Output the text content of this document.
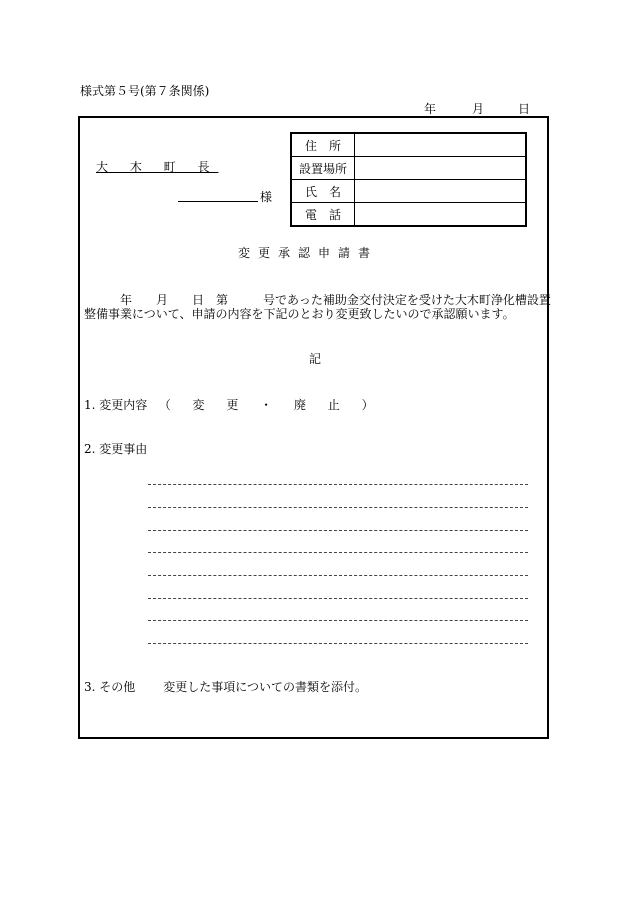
様式第５号(第７条関係)
年	月	日
大 木 町 長
様
住　所	
設置場所	
氏　名	
電　話	
変更承認申請書
年 月 日 第	号であった補助金交付決定を受けた大木町浄化槽設置
整備事業について、申請の内容を下記のとおり変更致したいので承認願います。
記
1. 変更内容 （ 変 更 ・ 廃 止 ）
2. 変更事由
3. その他 変更した事項についての書類を添付。
